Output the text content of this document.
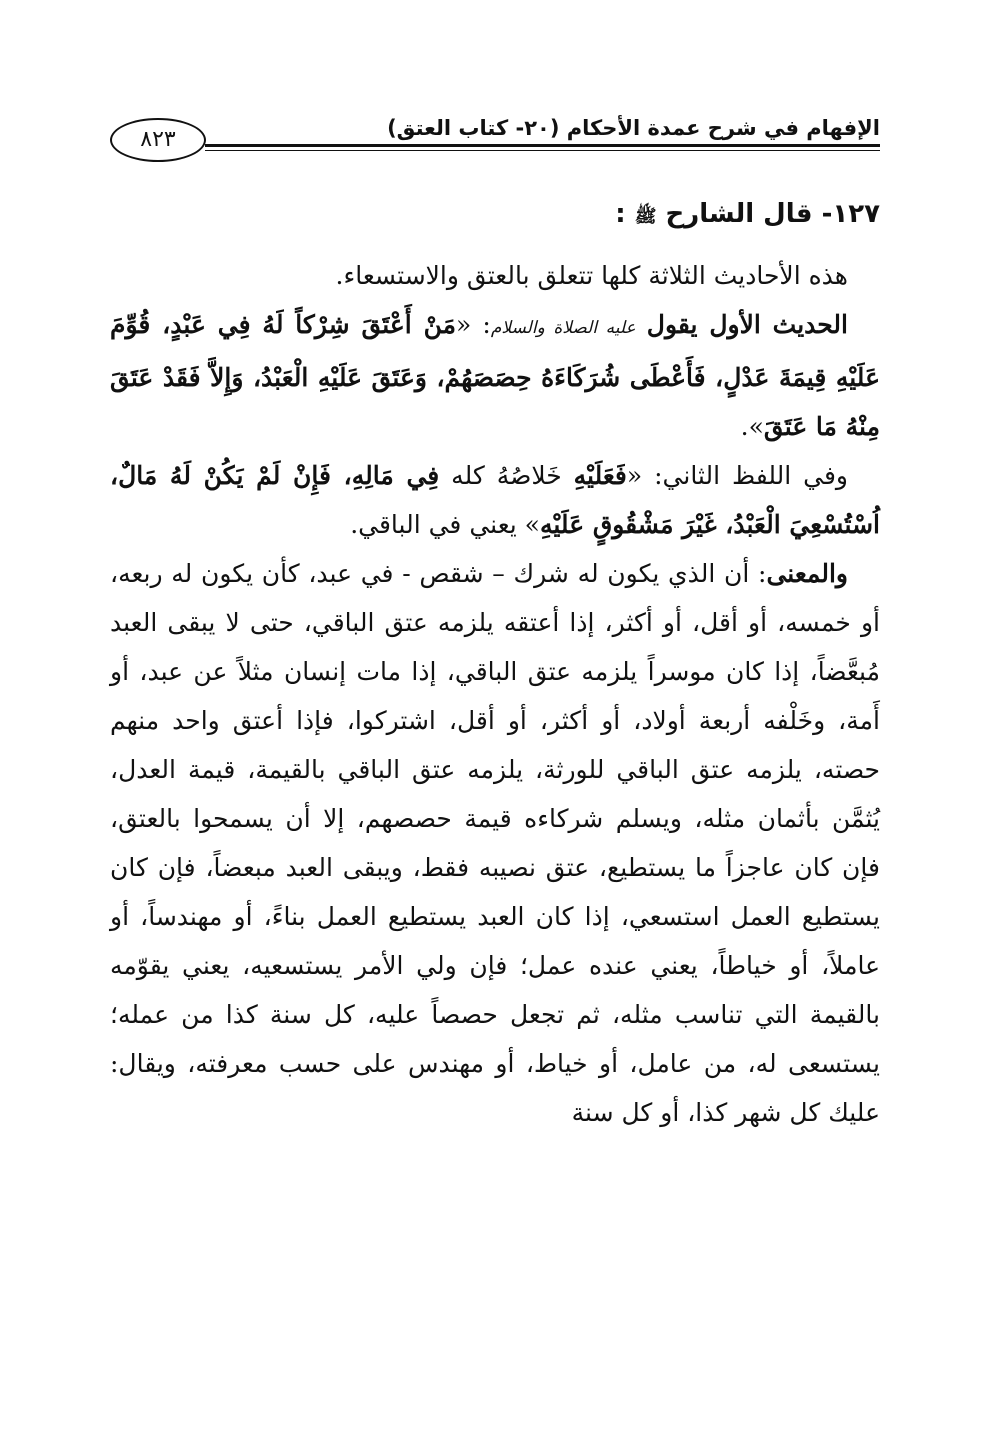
الإفهام في شرح عمدة الأحكام (٢٠- كتاب العتق)
٨٢٣
١٢٧- قال الشارح ﷺ :

هذه الأحاديث الثلاثة كلها تتعلق بالعتق والاستسعاء.

الحديث الأول يقول عليه الصلاة والسلام: «مَنْ أَعْتَقَ شِرْكاً لَهُ فِي عَبْدٍ، قُوِّمَ عَلَيْهِ قِيمَةَ عَدْلٍ، فَأَعْطَى شُرَكَاءَهُ حِصَصَهُمْ، وَعَتَقَ عَلَيْهِ الْعَبْدُ، وَإِلاَّ فَقَدْ عَتَقَ مِنْهُ مَا عَتَقَ».

وفي اللفظ الثاني: «فَعَلَيْهِ خَلاصُهُ كله فِي مَالِهِ، فَإِنْ لَمْ يَكُنْ لَهُ مَالٌ، اُسْتُسْعِيَ الْعَبْدُ، غَيْرَ مَشْقُوقٍ عَلَيْهِ» يعني في الباقي.

والمعنى: أن الذي يكون له شرك – شقص - في عبد، كأن يكون له ربعه، أو خمسه، أو أقل، أو أكثر، إذا أعتقه يلزمه عتق الباقي، حتى لا يبقى العبد مُبعَّضاً، إذا كان موسراً يلزمه عتق الباقي، إذا مات إنسان مثلاً عن عبد، أو أَمة، وخَلْفه أربعة أولاد، أو أكثر، أو أقل، اشتركوا، فإذا أعتق واحد منهم حصته، يلزمه عتق الباقي للورثة، يلزمه عتق الباقي بالقيمة، قيمة العدل، يُثمَّن بأثمان مثله، ويسلم شركاءه قيمة حصصهم، إلا أن يسمحوا بالعتق، فإن كان عاجزاً ما يستطيع، عتق نصيبه فقط، ويبقى العبد مبعضاً، فإن كان يستطيع العمل استسعي، إذا كان العبد يستطيع العمل بناءً، أو مهندساً، أو عاملاً، أو خياطاً، يعني عنده عمل؛ فإن ولي الأمر يستسعيه، يعني يقوّمه بالقيمة التي تناسب مثله، ثم تجعل حصصاً عليه، كل سنة كذا من عمله؛ يستسعى له، من عامل، أو خياط، أو مهندس على حسب معرفته، ويقال: عليك كل شهر كذا، أو كل سنة
